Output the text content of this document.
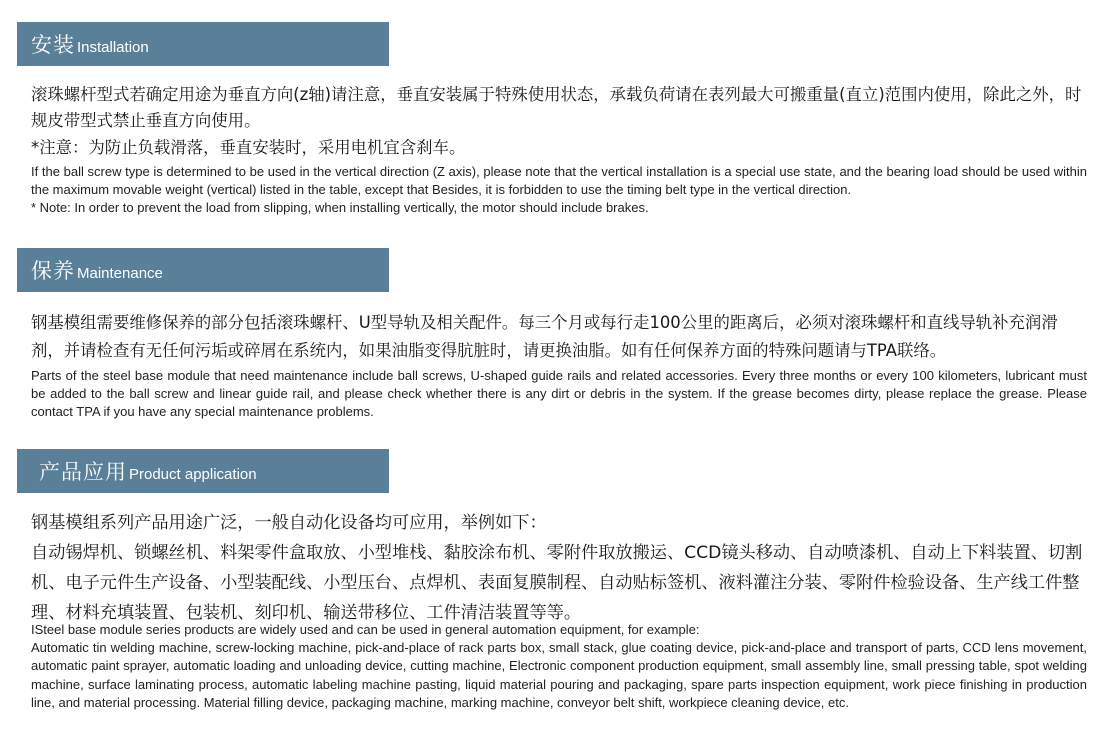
安装 Installation

滚珠螺杆型式若确定用途为垂直方向(z轴)请注意，垂直安装属于特殊使用状态，承载负荷请在表列最大可搬重量(直立)范围内使用，除此之外，时规皮带型式禁止垂直方向使用。

*注意：为防止负载滑落，垂直安装时，采用电机宜含刹车。

If the ball screw type is determined to be used in the vertical direction (Z axis), please note that the vertical installation is a special use state, and the bearing load should be used within the maximum movable weight (vertical) listed in the table, except that Besides, it is forbidden to use the timing belt type in the vertical direction.

* Note: In order to prevent the load from slipping, when installing vertically, the motor should include brakes.

保养 Maintenance

钢基模组需要维修保养的部分包括滚珠螺杆、U型导轨及相关配件。每三个月或每行走100公里的距离后，必须对滚珠螺杆和直线导轨补充润滑剂，并请检查有无任何污垢或碎屑在系统内，如果油脂变得肮脏时，请更换油脂。如有任何保养方面的特殊问题请与TPA联络。

Parts of the steel base module that need maintenance include ball screws, U-shaped guide rails and related accessories. Every three months or every 100 kilometers, lubricant must be added to the ball screw and linear guide rail, and please check whether there is any dirt or debris in the system. If the grease becomes dirty, please replace the grease. Please contact TPA if you have any special maintenance problems.

产品应用 Product application

钢基模组系列产品用途广泛，一般自动化设备均可应用，举例如下：

自动锡焊机、锁螺丝机、料架零件盒取放、小型堆栈、黏胶涂布机、零附件取放搬运、CCD镜头移动、自动喷漆机、自动上下料装置、切割机、电子元件生产设备、小型装配线、小型压台、点焊机、表面复膜制程、自动贴标签机、液料灌注分装、零附件检验设备、生产线工件整理、材料充填装置、包装机、刻印机、输送带移位、工件清洁装置等等。

ISteel base module series products are widely used and can be used in general automation equipment, for example:

Automatic tin welding machine, screw-locking machine, pick-and-place of rack parts box, small stack, glue coating device, pick-and-place and transport of parts, CCD lens movement, automatic paint sprayer, automatic loading and unloading device, cutting machine, Electronic component production equipment, small assembly line, small pressing table, spot welding machine, surface laminating process, automatic labeling machine pasting, liquid material pouring and packaging, spare parts inspection equipment, work piece finishing in production line, and material processing. Material filling device, packaging machine, marking machine, conveyor belt shift, workpiece cleaning device, etc.
